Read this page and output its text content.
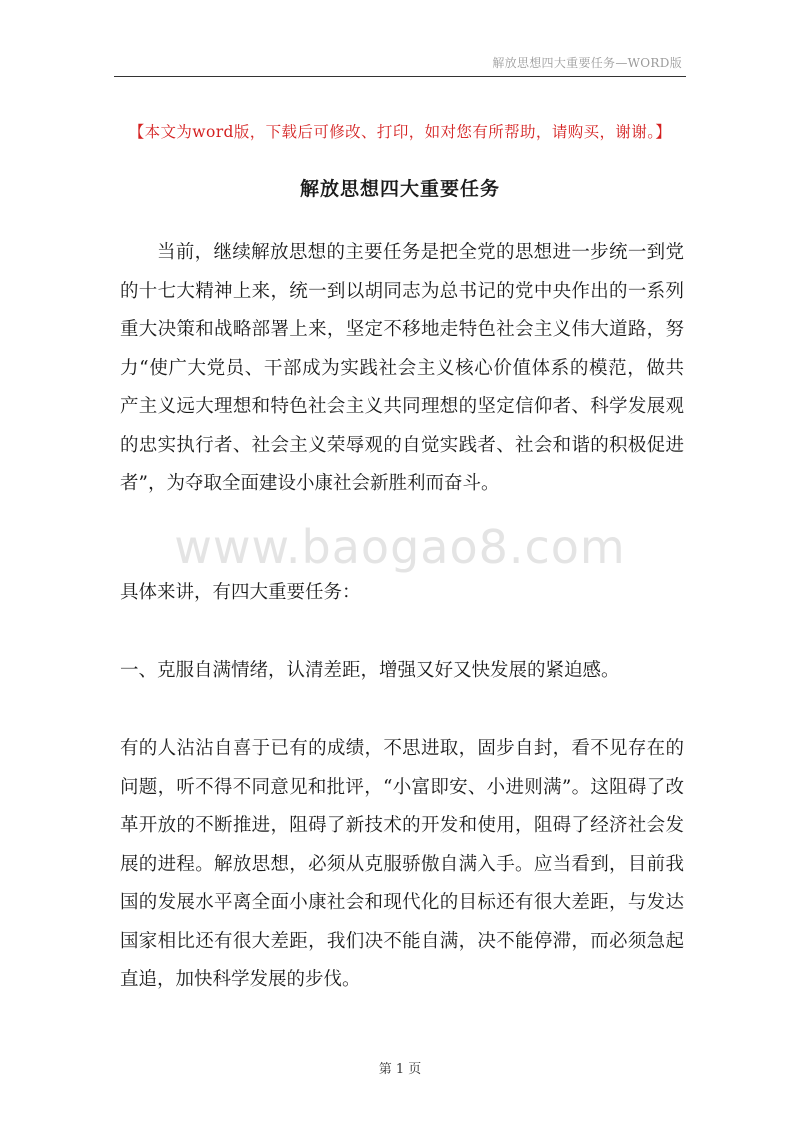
解放思想四大重要任务—WORD版
【本文为word版，下载后可修改、打印，如对您有所帮助，请购买，谢谢。】
解放思想四大重要任务

当前，继续解放思想的主要任务是把全党的思想进一步统一到党的十七大精神上来，统一到以胡同志为总书记的党中央作出的一系列重大决策和战略部署上来，坚定不移地走特色社会主义伟大道路，努力“使广大党员、干部成为实践社会主义核心价值体系的模范，做共产主义远大理想和特色社会主义共同理想的坚定信仰者、科学发展观的忠实执行者、社会主义荣辱观的自觉实践者、社会和谐的积极促进者”，为夺取全面建设小康社会新胜利而奋斗。

www.baogao8.com

具体来讲，有四大重要任务：

一、克服自满情绪，认清差距，增强又好又快发展的紧迫感。

有的人沾沾自喜于已有的成绩，不思进取，固步自封，看不见存在的问题，听不得不同意见和批评，“小富即安、小进则满”。这阻碍了改革开放的不断推进，阻碍了新技术的开发和使用，阻碍了经济社会发展的进程。解放思想，必须从克服骄傲自满入手。应当看到，目前我国的发展水平离全面小康社会和现代化的目标还有很大差距，与发达国家相比还有很大差距，我们决不能自满，决不能停滞，而必须急起直追，加快科学发展的步伐。

第 1 页
